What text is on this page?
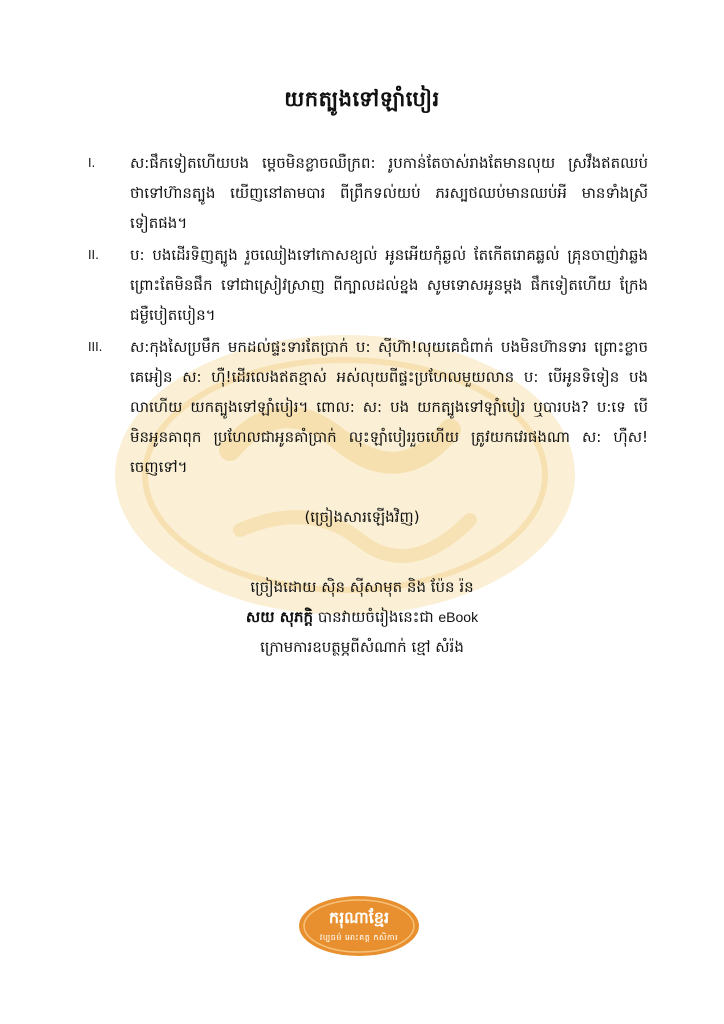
យកត្បូងទៅឡាំបៀរ
I.	ស:ផឹកទៀតហើយបង ម្តេចមិនខ្លាចឈឺក្រព: រូបកាន់តែចាស់រាងតែមានលុយ ស្រវឹងឥតឈប់ ថាទៅហ៊ានត្បូង យើញនៅតាមបារ ពីព្រឹកទល់យប់ ភរស្បថឈប់មានឈប់អី មានទាំងស្រីទៀតផង។
II.	ប: បងដើរទិញត្បូង រួចឈៀងទៅកោសខ្យល់ អូនអើយកុំឆ្ងល់ តែកើតរោគឆ្លល់ គ្រុនចាញ់វាឆ្លង ព្រោះតែមិនផឹក ទៅជាស្រៀវស្រាញ ពីក្បាលដល់ខ្នង សូមទោសអូនម្តង ផឹកទៀតហើយ ក្រែងជម្ងឺបៀតបៀន។
III.	ស:កុងសៃប្រមឹក មកដល់ផ្ទះទារតែប្រាក់ ប: ស៊ីហ៊ា!លុយគេជំពាក់ បងមិនហ៊ានទារ ព្រោះខ្លាចគេអៀន ស: ហ៊ឺ!ដើរលេងឥតខ្មាស់ អស់លុយពីផ្ទះប្រហែលមួយលាន ប: បើអូនទិទៀន បងលាហើយ យកត្បូងទៅឡាំបៀរ។ ពោល: ស: បង យកត្បូងទៅឡាំបៀរ ឬបារបង? ប:ទេ បើមិនអូនគាពុក ប្រហែលជាអូនគាំប្រាក់ លុះឡាំបៀររួចហើយ ត្រូវយកវេរផងណា ស: ហ៊ឺស!ចេញទៅ។
(ច្រៀងសារឡើងវិញ)
ច្រៀងដោយ ស៊ិន ស៊ីសាមុត និង ប៉ែន រ៉ន
សយ សុភក្តិ បានវាយចំរៀងនេះជា eBook
ក្រោមការឧបត្ថម្ភពីសំណាក់ ខ្មៅ សំរ៉ង
ករុណាខ្មែរ
វប្បធម៌ អោះគត្ត កសិការ
